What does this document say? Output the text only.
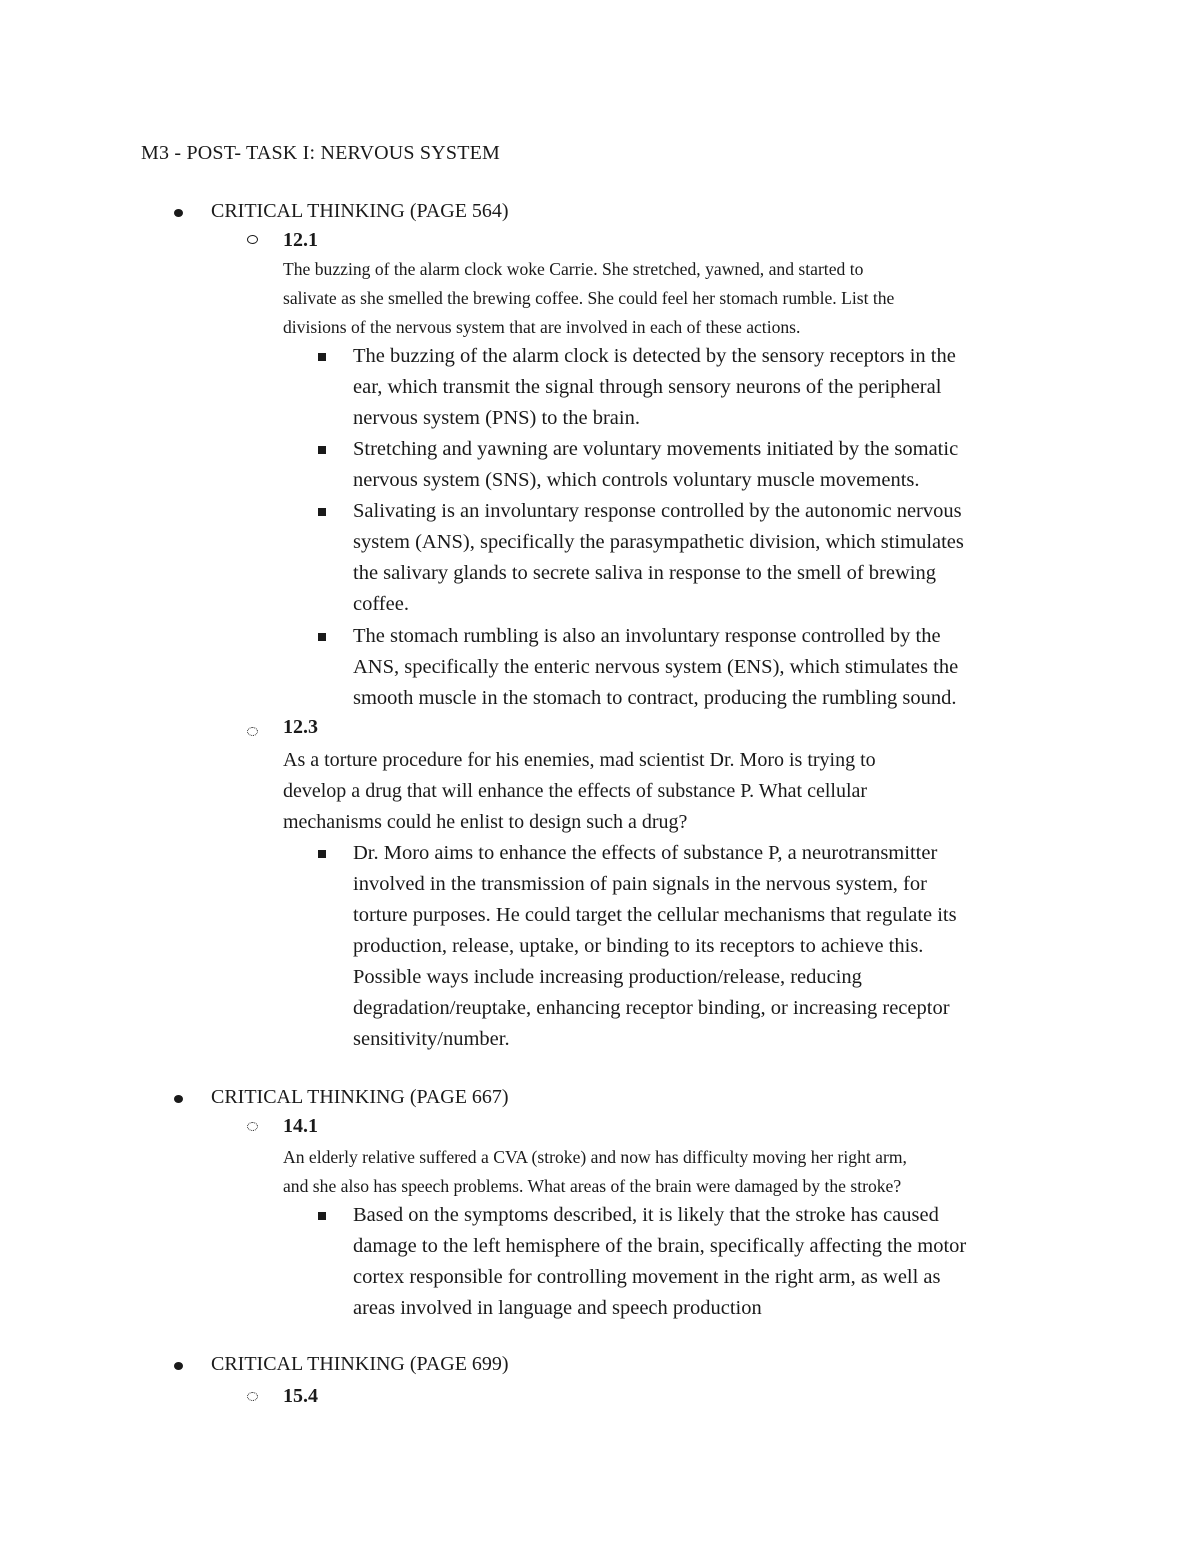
M3 - POST- TASK I: NERVOUS SYSTEM
CRITICAL THINKING (PAGE 564)
12.1
The buzzing of the alarm clock woke Carrie. She stretched, yawned, and started to
salivate as she smelled the brewing coffee. She could feel her stomach rumble. List the
divisions of the nervous system that are involved in each of these actions.
The buzzing of the alarm clock is detected by the sensory receptors in the
ear, which transmit the signal through sensory neurons of the peripheral
nervous system (PNS) to the brain.
Stretching and yawning are voluntary movements initiated by the somatic
nervous system (SNS), which controls voluntary muscle movements.
Salivating is an involuntary response controlled by the autonomic nervous
system (ANS), specifically the parasympathetic division, which stimulates
the salivary glands to secrete saliva in response to the smell of brewing
coffee.
The stomach rumbling is also an involuntary response controlled by the
ANS, specifically the enteric nervous system (ENS), which stimulates the
smooth muscle in the stomach to contract, producing the rumbling sound.
12.3
As a torture procedure for his enemies, mad scientist Dr. Moro is trying to
develop a drug that will enhance the effects of substance P. What cellular
mechanisms could he enlist to design such a drug?
Dr. Moro aims to enhance the effects of substance P, a neurotransmitter
involved in the transmission of pain signals in the nervous system, for
torture purposes. He could target the cellular mechanisms that regulate its
production, release, uptake, or binding to its receptors to achieve this.
Possible ways include increasing production/release, reducing
degradation/reuptake, enhancing receptor binding, or increasing receptor
sensitivity/number.
CRITICAL THINKING (PAGE 667)
14.1
An elderly relative suffered a CVA (stroke) and now has difficulty moving her right arm,
and she also has speech problems. What areas of the brain were damaged by the stroke?
Based on the symptoms described, it is likely that the stroke has caused
damage to the left hemisphere of the brain, specifically affecting the motor
cortex responsible for controlling movement in the right arm, as well as
areas involved in language and speech production
CRITICAL THINKING (PAGE 699)
15.4
